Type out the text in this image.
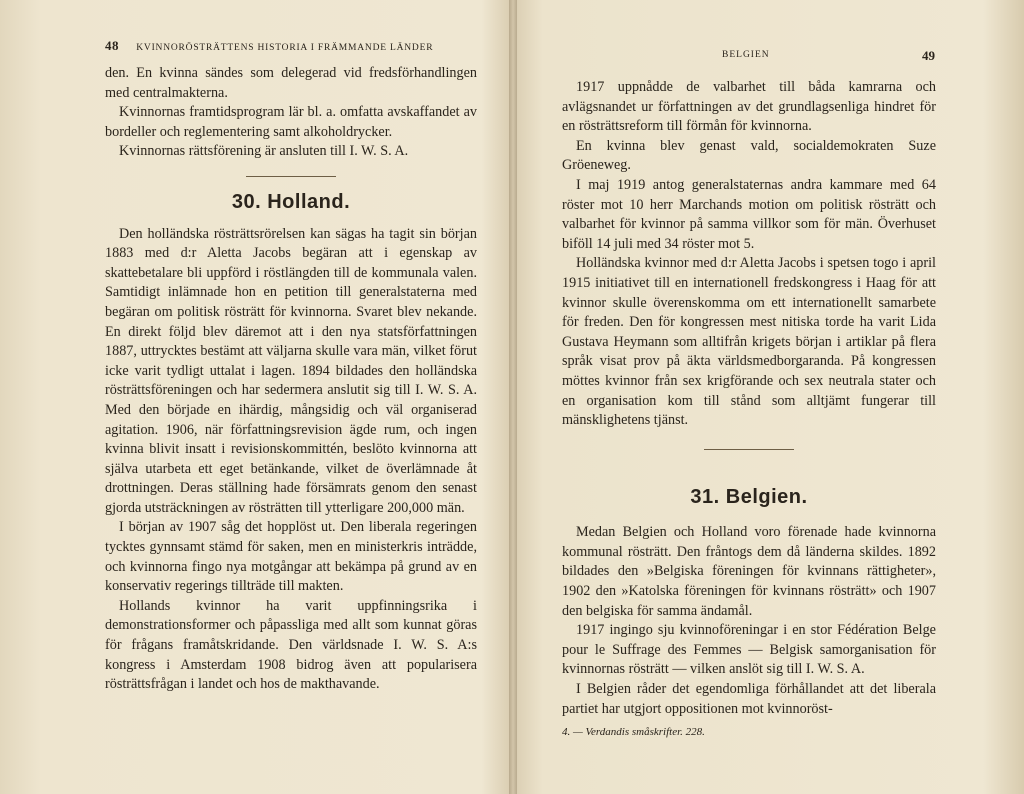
48 KVINNORÖSTRÄTTENS HISTORIA I FRÄMMANDE LÄNDER

den. En kvinna sändes som delegerad vid fredsförhandlingen med centralmakterna.

Kvinnornas framtidsprogram lär bl. a. omfatta avskaffandet av bordeller och reglementering samt alkoholdrycker.

Kvinnornas rättsförening är ansluten till I. W. S. A.

30. Holland.

Den holländska rösträttsrörelsen kan sägas ha tagit sin början 1883 med d:r Aletta Jacobs begäran att i egenskap av skattebetalare bli uppförd i röstlängden till de kommunala valen. Samtidigt inlämnade hon en petition till generalstaterna med begäran om politisk rösträtt för kvinnorna. Svaret blev nekande. En direkt följd blev däremot att i den nya statsförfattningen 1887, uttrycktes bestämt att väljarna skulle vara män, vilket förut icke varit tydligt uttalat i lagen. 1894 bildades den holländska rösträttsföreningen och har sedermera anslutit sig till I. W. S. A. Med den började en ihärdig, mångsidig och väl organiserad agitation. 1906, när författningsrevision ägde rum, och ingen kvinna blivit insatt i revisionskommittén, beslöto kvinnorna att själva utarbeta ett eget betänkande, vilket de överlämnade åt drottningen. Deras ställning hade försämrats genom den senast gjorda utsträckningen av rösträtten till ytterligare 200,000 män.

I början av 1907 såg det hopplöst ut. Den liberala regeringen tycktes gynnsamt stämd för saken, men en ministerkris inträdde, och kvinnorna fingo nya motgångar att bekämpa på grund av en konservativ regerings tillträde till makten.

Hollands kvinnor ha varit uppfinningsrika i demonstrationsformer och påpassliga med allt som kunnat göras för frågans framåtskridande. Den världsnade I. W. S. A:s kongress i Amsterdam 1908 bidrog även att popularisera rösträttsfrågan i landet och hos de makthavande.

BELGIEN	49

1917 uppnådde de valbarhet till båda kamrarna och avlägsnandet ur författningen av det grundlagsenliga hindret för en rösträttsreform till förmån för kvinnorna.

En kvinna blev genast vald, socialdemokraten Suze Gröeneweg.

I maj 1919 antog generalstaternas andra kammare med 64 röster mot 10 herr Marchands motion om politisk rösträtt och valbarhet för kvinnor på samma villkor som för män. Överhuset biföll 14 juli med 34 röster mot 5.

Holländska kvinnor med d:r Aletta Jacobs i spetsen togo i april 1915 initiativet till en internationell fredskongress i Haag för att kvinnor skulle överenskomma om ett internationellt samarbete för freden. Den för kongressen mest nitiska torde ha varit Lida Gustava Heymann som alltifrån krigets början i artiklar på flera språk visat prov på äkta världsmedborgaranda. På kongressen möttes kvinnor från sex krigförande och sex neutrala stater och en organisation kom till stånd som alltjämt fungerar till mänsklighetens tjänst.

31. Belgien.

Medan Belgien och Holland voro förenade hade kvinnorna kommunal rösträtt. Den fråntogs dem då länderna skildes. 1892 bildades den »Belgiska föreningen för kvinnans rättigheter», 1902 den »Katolska föreningen för kvinnans rösträtt» och 1907 den belgiska för samma ändamål.

1917 ingingo sju kvinnoföreningar i en stor Fédération Belge pour le Suffrage des Femmes — Belgisk samorganisation för kvinnornas rösträtt — vilken anslöt sig till I. W. S. A.

I Belgien råder det egendomliga förhållandet att det liberala partiet har utgjort oppositionen mot kvinnoröst-

4. — Verdandis småskrifter. 228.
